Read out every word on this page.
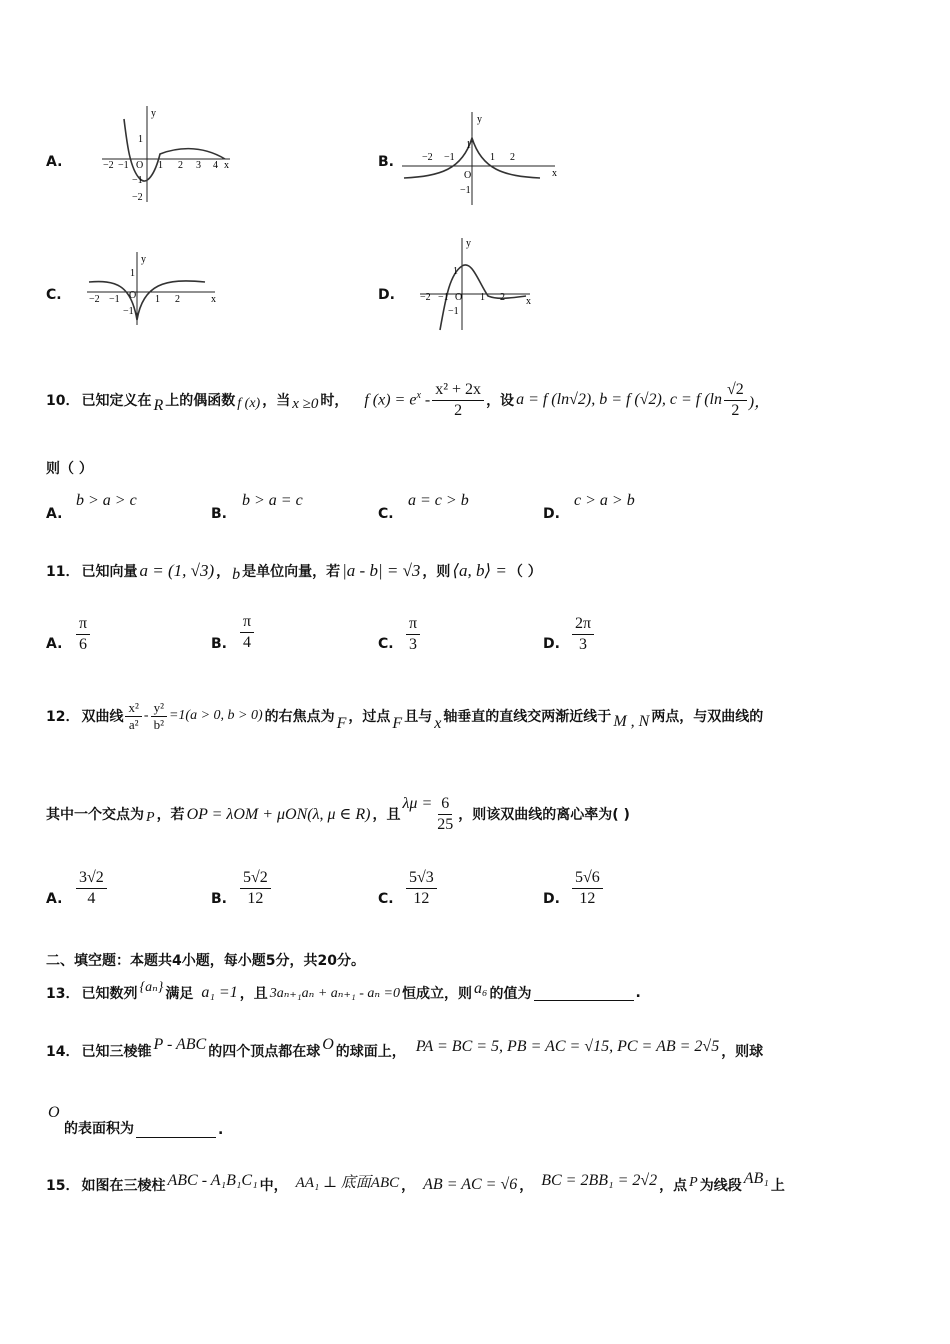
A.
y
x
−2 −1 O 1 2 3 4
1
−1
−2
B.
y
x
−2 −1
O
1 2
1
−1
C.
y
x
−2 −1 O 1 2
1
−1
D.
y
x
−2 −1 O 1 2
1
−1
10． 已知定义在 R 上的偶函数 f (x) ，当 x ≥0 时， f $(x) = e^x - \frac{\text{x² + 2x}}{2}$ ，设 a = f (ln√2), b = f (√2), c = f ($\ln \frac{√2}{2}$ )，
则（ ）
A.
b > a > c
B.
b > a = c
C.
a = c > b
D.
c > a > b
11． 已知向量 a = (1, √3) ， b 是单位向量，若 |a - b| = √3 ，则 ⟨a, b⟩ = （ ）
A. $\frac{\pi}{6}$	B. $\frac{\pi}{4}$	C. $\frac{\pi}{3}$	D. $\frac{2\pi}{3}$
12． 双曲线 $\frac{\text{x²}}{\text{a²}} - \frac{\text{y²}}{\text{b²}} =1(a > 0$, b > 0) 的右焦点为 F ，过点 F 且与 x 轴垂直的直线交两渐近线于 M , N 两点，与双曲线的
其中一个交点为 P ，若 OP = λOM + μON(λ, μ ∈ R) ，且
$\lambda\mu = \frac{6}{25}$ ，则该双曲线的离心率为( )
A. $\frac{3√2}{4}$	B. $\frac{5√2}{12}$	C. $\frac{5√3}{12}$	D. $\frac{5√6}{12}$
二、填空题：本题共4小题，每小题5分，共20分。
13． 已知数列 {aₙ} 满足 a₁ =1 ，且 3aₙ₊₁aₙ + aₙ₊₁ - aₙ =0 恒成立，则 a₆ 的值为	.
14． 已知三棱锥 P - ABC 的四个顶点都在球 O 的球面上， PA = BC = 5, PB = AC = √15, PC = AB = 2√5 ，则球
O
的表面积为	.
15． 如图在三棱柱 ABC - A₁B₁C₁ 中， AA₁ ⊥ 底面ABC ， AB = AC = √6 ， BC = 2BB₁ = 2√2 ，点 P 为线段 AB₁ 上
